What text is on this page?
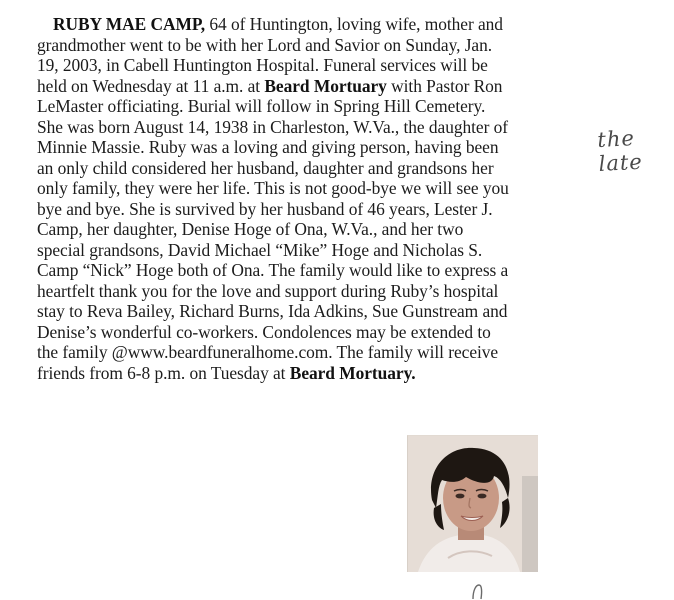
RUBY MAE CAMP, 64 of Huntington, loving wife, mother and
grandmother went to be with her Lord and Savior on Sunday, Jan.
19, 2003, in Cabell Huntington Hospital. Funeral services will be
held on Wednesday at 11 a.m. at Beard Mortuary with Pastor Ron
LeMaster officiating. Burial will follow in Spring Hill Cemetery.
She was born August 14, 1938 in Charleston, W.Va., the daughter of
Minnie Massie. Ruby was a loving and giving person, having been
an only child considered her husband, daughter and grandsons her
only family, they were her life. This is not good-bye we will see you
bye and bye. She is survived by her husband of 46 years, Lester J.
Camp, her daughter, Denise Hoge of Ona, W.Va., and her two
special grandsons, David Michael “Mike” Hoge and Nicholas S.
Camp “Nick” Hoge both of Ona. The family would like to express a
heartfelt thank you for the love and support during Ruby’s hospital
stay to Reva Bailey, Richard Burns, Ida Adkins, Sue Gunstream and
Denise’s wonderful co-workers. Condolences may be extended to
the family @www.beardfuneralhome.com. The family will receive
friends from 6-8 p.m. on Tuesday at Beard Mortuary.
the late
